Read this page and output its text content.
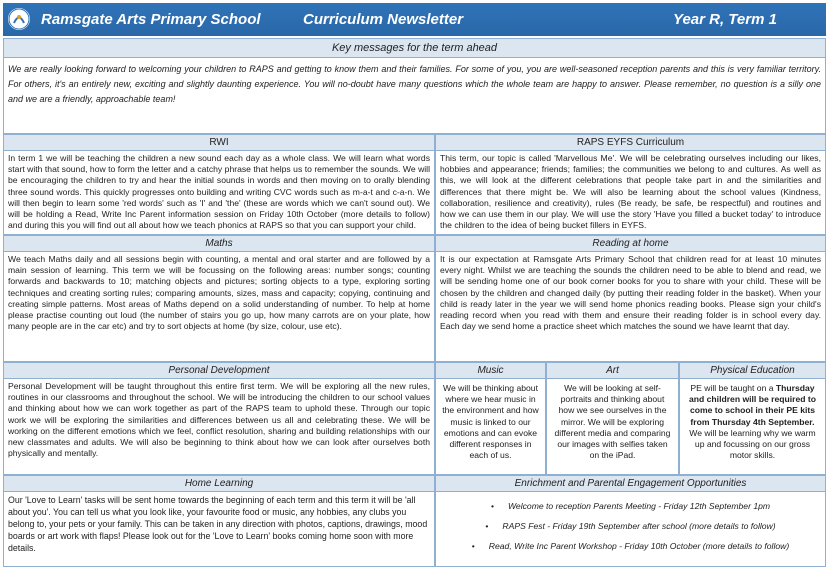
Ramsgate Arts Primary School	Curriculum Newsletter	Year R, Term 1
Key messages for the term ahead
We are really looking forward to welcoming your children to RAPS and getting to know them and their families. For some of you, you are well-seasoned reception parents and this is very familiar territory. For others, it's an entirely new, exciting and slightly daunting experience. You will no-doubt have many questions which the whole team are happy to answer. Please remember, no question is a silly one and we are a friendly, approachable team!
RWI
In term 1 we will be teaching the children a new sound each day as a whole class. We will learn what words start with that sound, how to form the letter and a catchy phrase that helps us to remember the sounds. We will be encouraging the children to try and hear the initial sounds in words and then moving on to orally blending three sound words. This quickly progresses onto building and writing CVC words such as m-a-t and c-a-n. We will then begin to learn some 'red words' such as 'I' and 'the' (these are words which we can't sound out). We will be holding a Read, Write Inc Parent information session on Friday 10th October (more details to follow) and during this you will find out all about how we teach phonics at RAPS so that you can support your child.
RAPS EYFS Curriculum
This term, our topic is called 'Marvellous Me'. We will be celebrating ourselves including our likes, hobbies and appearance; friends; families; the communities we belong to and cultures. As well as this, we will look at the different celebrations that people take part in and the similarities and differences that there might be. We will also be learning about the school values (Kindness, collaboration, resilience and creativity), rules (Be ready, be safe, be respectful) and routines and how we can use them in our play. We will use the story 'Have you filled a bucket today' to introduce the children to the idea of being bucket fillers in EYFS.
Maths
We teach Maths daily and all sessions begin with counting, a mental and oral starter and are followed by a main session of learning. This term we will be focussing on the following areas: number songs; counting forwards and backwards to 10; matching objects and pictures; sorting objects to a type, exploring sorting techniques and creating sorting rules; comparing amounts, sizes, mass and capacity; copying, continuing and creating simple patterns. Most areas of Maths depend on a solid understanding of number. To help at home please practise counting out loud (the number of stairs you go up, how many carrots are on your plate, how many people are in the car etc) and try to sort objects at home (by size, colour, use etc).
Reading at home
It is our expectation at Ramsgate Arts Primary School that children read for at least 10 minutes every night. Whilst we are teaching the sounds the children need to be able to blend and read, we will be sending home one of our book corner books for you to share with your child. These will be chosen by the children and changed daily (by putting their reading folder in the basket). When your child is ready later in the year we will send home phonics reading books. Please sign your child's reading record when you read with them and ensure their reading folder is in school every day. Each day we send home a practice sheet which matches the sound we have learnt that day.
Personal Development
Personal Development will be taught throughout this entire first term. We will be exploring all the new rules, routines in our classrooms and throughout the school. We will be introducing the children to our school values and thinking about how we can work together as part of the RAPS team to uphold these. Through our topic work we will be exploring the similarities and differences between us all and celebrating these. We will be working on the different emotions which we feel, conflict resolution, sharing and building relationships with our new classmates and adults. We will also be beginning to think about how we can look after ourselves both physically and mentally.
Music
We will be thinking about where we hear music in the environment and how music is linked to our emotions and can evoke different responses in each of us.
Art
We will be looking at self-portraits and thinking about how we see ourselves in the mirror. We will be exploring different media and comparing our images with selfies taken on the iPad.
Physical Education
PE will be taught on a Thursday and children will be required to come to school in their PE kits from Thursday 4th September. We will be learning why we warm up and focussing on our gross motor skills.
Home Learning
Our 'Love to Learn' tasks will be sent home towards the beginning of each term and this term it will be 'all about you'. You can tell us what you look like, your favourite food or music, any hobbies, any clubs you belong to, your pets or your family. This can be taken in any direction with photos, captions, drawings, mood boards or art work with flaps! Please look out for the 'Love to Learn' books coming home soon with more details.
Enrichment and Parental Engagement Opportunities
• Welcome to reception Parents Meeting - Friday 12th September 1pm
• RAPS Fest - Friday 19th September after school (more details to follow)
• Read, Write Inc Parent Workshop - Friday 10th October (more details to follow)
